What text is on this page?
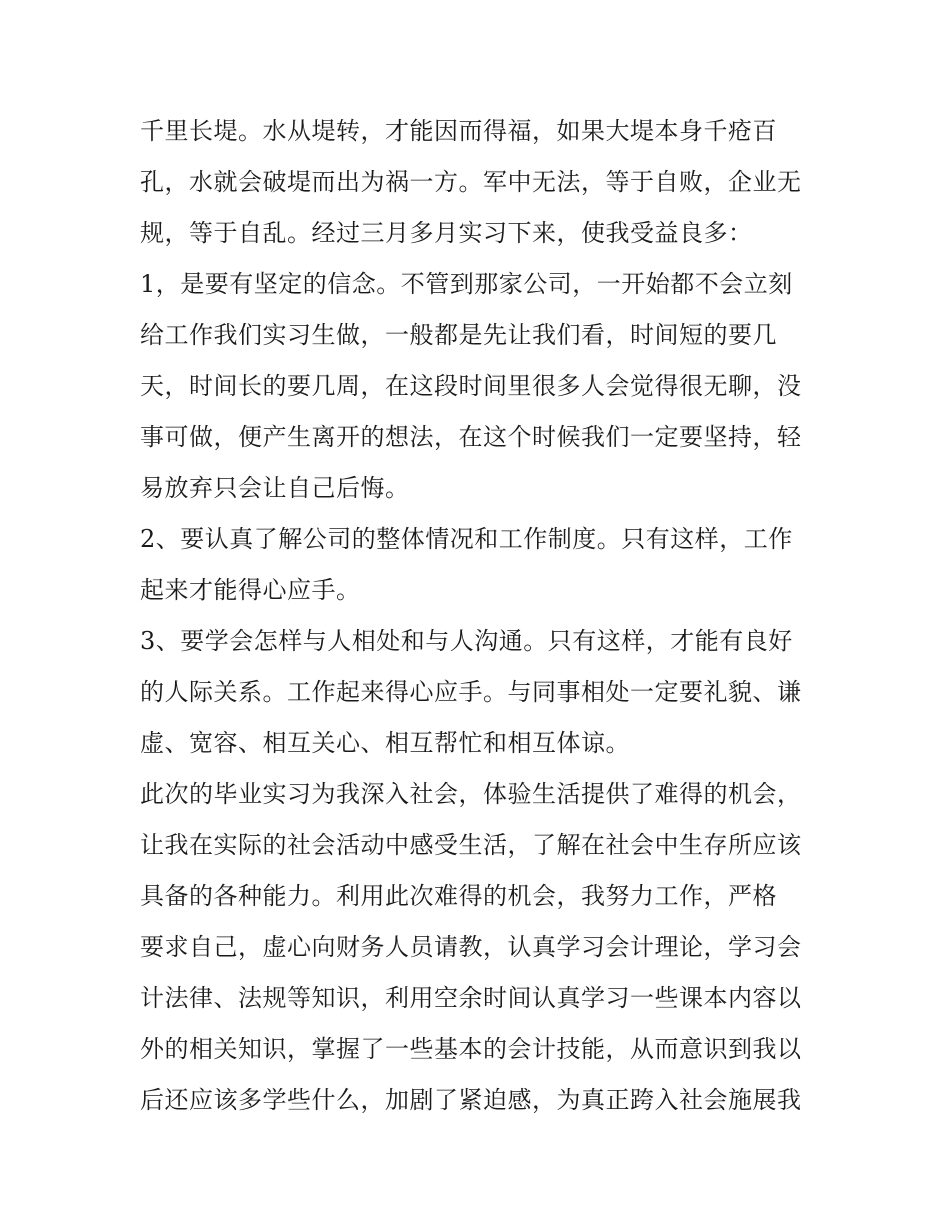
千里长堤。水从堤转，才能因而得福，如果大堤本身千疮百
孔，水就会破堤而出为祸一方。军中无法，等于自败，企业无
规，等于自乱。经过三月多月实习下来，使我受益良多：
1，是要有坚定的信念。不管到那家公司，一开始都不会立刻
给工作我们实习生做，一般都是先让我们看，时间短的要几
天，时间长的要几周，在这段时间里很多人会觉得很无聊，没
事可做，便产生离开的想法，在这个时候我们一定要坚持，轻
易放弃只会让自己后悔。
2、要认真了解公司的整体情况和工作制度。只有这样，工作
起来才能得心应手。
3、要学会怎样与人相处和与人沟通。只有这样，才能有良好
的人际关系。工作起来得心应手。与同事相处一定要礼貌、谦
虚、宽容、相互关心、相互帮忙和相互体谅。
此次的毕业实习为我深入社会，体验生活提供了难得的机会，
让我在实际的社会活动中感受生活，了解在社会中生存所应该
具备的各种能力。利用此次难得的机会，我努力工作，严格
要求自己，虚心向财务人员请教，认真学习会计理论，学习会
计法律、法规等知识，利用空余时间认真学习一些课本内容以
外的相关知识，掌握了一些基本的会计技能，从而意识到我以
后还应该多学些什么，加剧了紧迫感，为真正跨入社会施展我
